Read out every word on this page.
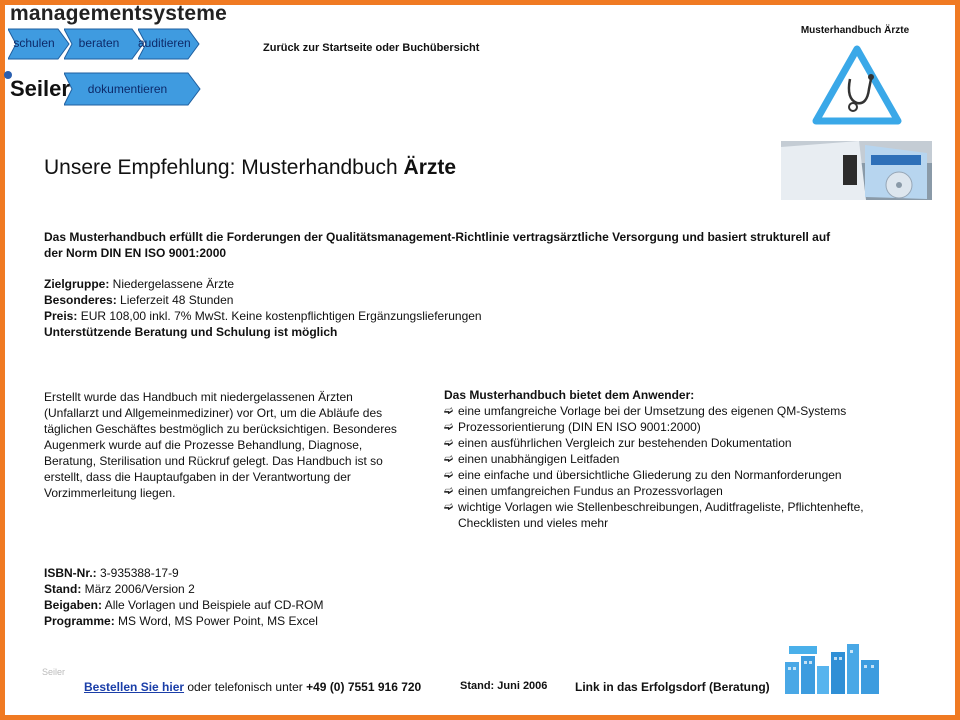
managementsysteme
schulen	beraten	auditieren
dokumentieren
Seiler
Zurück zur Startseite oder Buchübersicht
Musterhandbuch Ärzte
Unsere Empfehlung: Musterhandbuch Ärzte
Das Musterhandbuch erfüllt die Forderungen der Qualitätsmanagement-Richtlinie vertragsärztliche Versorgung und basiert strukturell auf der Norm DIN EN ISO 9001:2000
Zielgruppe: Niedergelassene Ärzte
Besonderes: Lieferzeit 48 Stunden
Preis: EUR 108,00 inkl. 7% MwSt. Keine kostenpflichtigen Ergänzungslieferungen
Unterstützende Beratung und Schulung ist möglich
Erstellt wurde das Handbuch mit niedergelassenen Ärzten (Unfallarzt und Allgemeinmediziner) vor Ort, um die Abläufe des täglichen Geschäftes bestmöglich zu berücksichtigen. Besonderes Augenmerk wurde auf die Prozesse Behandlung, Diagnose, Beratung, Sterilisation und Rückruf gelegt. Das Handbuch ist so erstellt, dass die Hauptaufgaben in der Verantwortung der Vorzimmerleitung liegen.
Das Musterhandbuch bietet dem Anwender:
➫ eine umfangreiche Vorlage bei der Umsetzung des eigenen QM-Systems
➫ Prozessorientierung (DIN EN ISO 9001:2000)
➫ einen ausführlichen Vergleich zur bestehenden Dokumentation
➫ einen unabhängigen Leitfaden
➫ eine einfache und übersichtliche Gliederung zu den Normanforderungen
➫ einen umfangreichen Fundus an Prozessvorlagen
➫ wichtige Vorlagen wie Stellenbeschreibungen, Auditfrageliste, Pflichtenhefte, Checklisten und vieles mehr
ISBN-Nr.: 3-935388-17-9
Stand: März 2006/Version 2
Beigaben: Alle Vorlagen und Beispiele auf CD-ROM
Programme: MS Word, MS Power Point, MS Excel
Seiler
Bestellen Sie hier oder telefonisch unter +49 (0) 7551 916 720	Stand: Juni 2006 Link in das Erfolgsdorf (Beratung)
